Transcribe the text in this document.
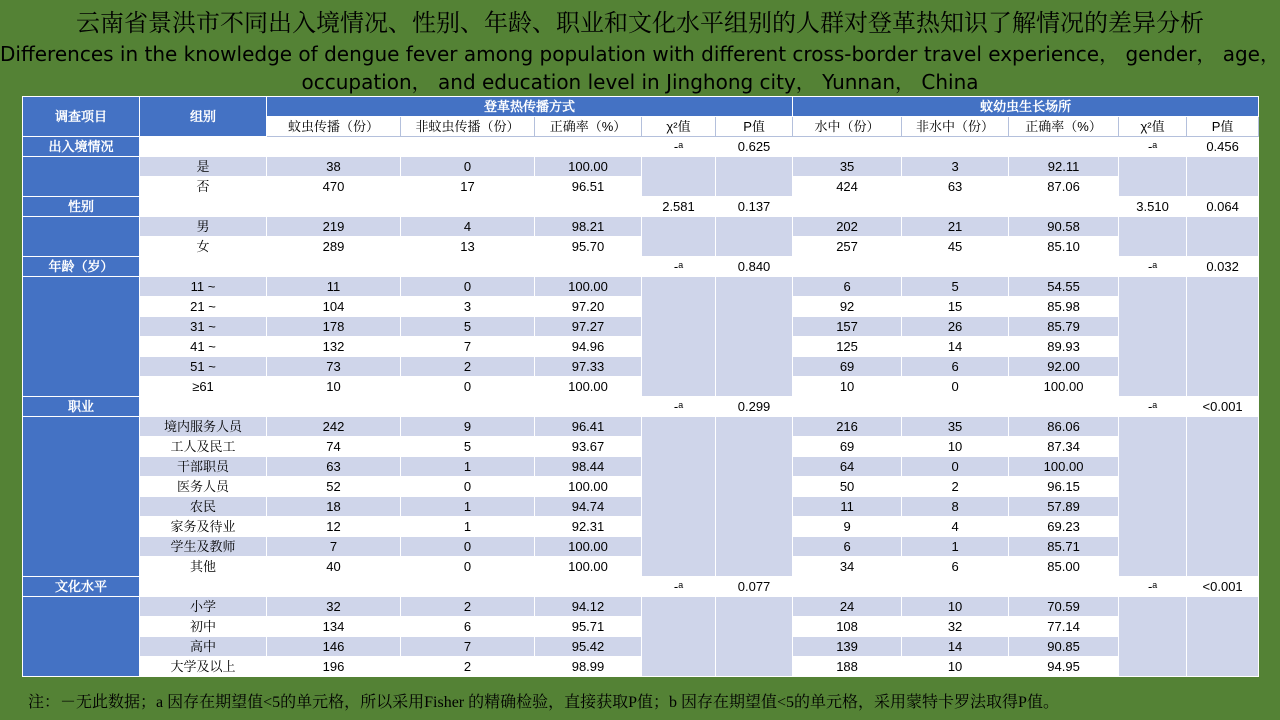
云南省景洪市不同出入境情况、性别、年龄、职业和文化水平组别的人群对登革热知识了解情况的差异分析
Differences in the knowledge of dengue fever among population with different cross-border travel experience， gender， age，
occupation， and education level in Jinghong city， Yunnan， China
调查项目	组别	登革热传播方式					蚊幼虫生长场所				
		蚊虫传播（份）	非蚊虫传播（份）	正确率（%）	χ²值	P值	水中（份）	非水中（份）	正确率（%）	χ²值	P值
出入境情况					-ᵃ	0.625				-ᵃ	0.456
	是	38	0	100.00			35	3	92.11		
	否	470	17	96.51			424	63	87.06		
性别					2.581	0.137				3.510	0.064
	男	219	4	98.21			202	21	90.58		
	女	289	13	95.70			257	45	85.10		
年龄（岁）					-ᵃ	0.840				-ᵃ	0.032
	11 ~	11	0	100.00			6	5	54.55		
	21 ~	104	3	97.20			92	15	85.98		
	31 ~	178	5	97.27			157	26	85.79		
	41 ~	132	7	94.96			125	14	89.93		
	51 ~	73	2	97.33			69	6	92.00		
	≥61	10	0	100.00			10	0	100.00		
职业					-ᵃ	0.299				-ᵃ	<0.001
	境内服务人员	242	9	96.41			216	35	86.06		
	工人及民工	74	5	93.67			69	10	87.34		
	干部职员	63	1	98.44			64	0	100.00		
	医务人员	52	0	100.00			50	2	96.15		
	农民	18	1	94.74			11	8	57.89		
	家务及待业	12	1	92.31			9	4	69.23		
	学生及教师	7	0	100.00			6	1	85.71		
	其他	40	0	100.00			34	6	85.00		
文化水平					-ᵃ	0.077				-ᵃ	<0.001
	小学	32	2	94.12			24	10	70.59		
	初中	134	6	95.71			108	32	77.14		
	高中	146	7	95.42			139	14	90.85		
	大学及以上	196	2	98.99			188	10	94.95		
注：－无此数据；a 因存在期望值<5的单元格，所以采用Fisher 的精确检验，直接获取P值；b 因存在期望值<5的单元格，采用蒙特卡罗法取得P值。
